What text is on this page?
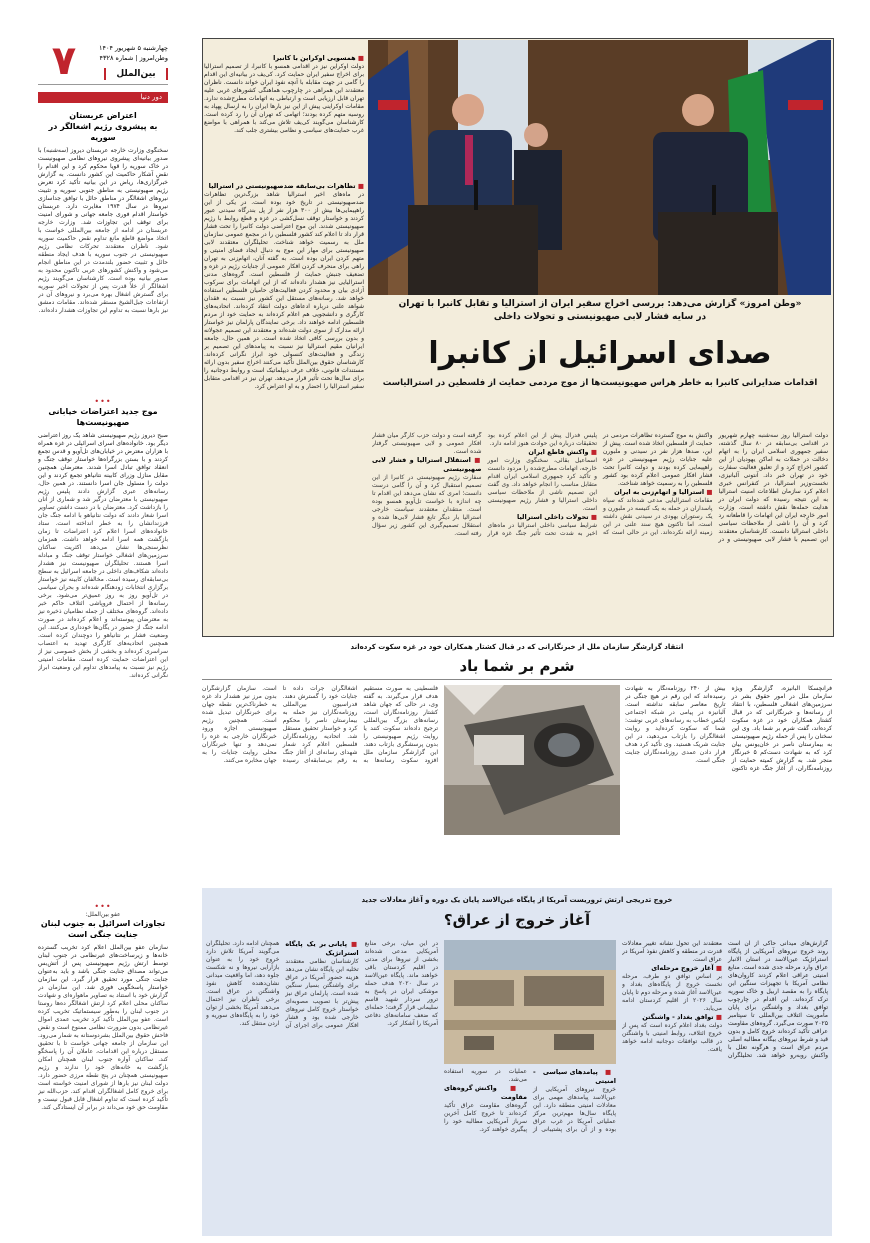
۷	چهارشنبه ۵ شهریور ۱۴۰۴
وطن‌امروز | شماره ۴۳۲۸
بین‌الملل
دور دنیا
اعتراض عربستان
به پیشروی رژیم اشغالگر در سوریه
سخنگوی وزارت خارجه عربستان دیروز (سه‌شنبه) با صدور بیانیه‌ای پیشروی نیروهای نظامی صهیونیست در خاک سوریه را قویا محکوم کرد و این اقدام را نقض آشکار حاکمیت این کشور دانست. به گزارش خبرگزاری‌ها، ریاض در این بیانیه تأکید کرد تعرض رژیم صهیونیستی به مناطق جنوبی سوریه و تثبیت نیروهای اشغالگر در مناطق حائل با توافق جداسازی نیروها در سال ۱۹۷۴ مغایرت دارد. عربستان خواستار اقدام فوری جامعه جهانی و شورای امنیت برای توقف این تجاوزات شد. وزارت خارجه عربستان در ادامه از جامعه بین‌المللی خواست با اتخاذ مواضع قاطع مانع تداوم نقض حاکمیت سوریه شود. ناظران معتقدند تحرکات نظامی رژیم صهیونیستی در جنوب سوریه با هدف ایجاد منطقه حائل و تثبیت حضور بلندمدت در این مناطق انجام می‌شود و واکنش کشورهای عربی تاکنون محدود به صدور بیانیه بوده است. کارشناسان می‌گویند رژیم اشغالگر از خلأ قدرت پس از تحولات اخیر سوریه برای گسترش اشغال بهره می‌برد و نیروهای آن در ارتفاعات جبل‌الشیخ مستقر شده‌اند. مقامات دمشق نیز بارها نسبت به تداوم این تجاوزات هشدار داده‌اند.
•••
موج جدید اعتراضات خیابانی
صهیونیست‌ها
صبح دیروز رژیم صهیونیستی شاهد یک روز اعتراضی دیگر بود. خانواده‌های اسرای اسرائیلی در غزه همراه با هزاران معترض در خیابان‌های تل‌آویو و قدس تجمع کردند و با بستن بزرگراه‌ها خواستار توقف جنگ و انعقاد توافق تبادل اسرا شدند. معترضان همچنین مقابل منازل وزرای کابینه نتانیاهو تجمع کردند و این دولت را مسئول جان اسرا دانستند. در همین حال، رسانه‌های عبری گزارش دادند پلیس رژیم صهیونیستی با معترضان درگیر شد و شماری از آنان را بازداشت کرد. معترضان با در دست داشتن تصاویر اسرا شعار دادند که دولت نتانیاهو با ادامه جنگ جان فرزندانشان را به خطر انداخته است. ستاد خانواده‌های اسرا اعلام کرد اعتراضات تا زمان بازگشت همه اسرا ادامه خواهد داشت. همزمان نظرسنجی‌ها نشان می‌دهد اکثریت ساکنان سرزمین‌های اشغالی خواستار توقف جنگ و مبادله اسرا هستند. تحلیلگران صهیونیست نیز هشدار داده‌اند شکاف‌های داخلی در جامعه اسرائیل به سطح بی‌سابقه‌ای رسیده است. مخالفان کابینه نیز خواستار برگزاری انتخابات زودهنگام شده‌اند و بحران سیاسی در تل‌آویو روز به روز عمیق‌تر می‌شود. برخی رسانه‌ها از احتمال فروپاشی ائتلاف حاکم خبر داده‌اند. گروه‌های مختلف از جمله نظامیان ذخیره نیز به معترضان پیوسته‌اند و اعلام کرده‌اند در صورت ادامه جنگ از حضور در یگان‌ها خودداری می‌کنند. این وضعیت فشار بر نتانیاهو را دوچندان کرده است. همچنین اتحادیه‌های کارگری تهدید به اعتصاب سراسری کرده‌اند و بخشی از بخش خصوصی نیز از این اعتراضات حمایت کرده است. مقامات امنیتی رژیم نیز نسبت به پیامدهای تداوم این وضعیت ابراز نگرانی کرده‌اند.
•••
عفو بین‌الملل:
تجاوزات اسرائیل به جنوب لبنان
جنایت جنگی است
سازمان عفو بین‌الملل اعلام کرد تخریب گسترده خانه‌ها و زیرساخت‌های غیرنظامی در جنوب لبنان توسط ارتش رژیم صهیونیستی پس از آتش‌بس می‌تواند مصداق جنایت جنگی باشد و باید به‌عنوان جنایت جنگی مورد تحقیق قرار گیرد. این سازمان خواستار پاسخگویی فوری شد. این سازمان در گزارش خود با استناد به تصاویر ماهواره‌ای و شهادت ساکنان محلی اعلام کرد ارتش اشغالگر ده‌ها روستا در جنوب لبنان را به‌طور سیستماتیک تخریب کرده است. عفو بین‌الملل تأکید کرد تخریب عمدی اموال غیرنظامی بدون ضرورت نظامی ممنوع است و نقض فاحش حقوق بین‌الملل بشردوستانه به شمار می‌رود. این سازمان از جامعه جهانی خواست تا با تحقیق مستقل درباره این اقدامات، عاملان آن را پاسخگو کند. ساکنان آواره جنوب لبنان همچنان امکان بازگشت به خانه‌های خود را ندارند و رژیم صهیونیستی همچنان در پنج نقطه مرزی حضور دارد. دولت لبنان نیز بارها از شورای امنیت خواسته است برای خروج کامل اشغالگران اقدام کند. حزب‌الله نیز تأکید کرده است که تداوم اشغال قابل قبول نیست و مقاومت حق خود می‌داند در برابر آن ایستادگی کند.
■ همسویی اوکراین با کانبرا
دولت اوکراین نیز در اقدامی همسو با کانبرا، از تصمیم استرالیا برای اخراج سفیر ایران حمایت کرد. کی‌یف در بیانیه‌ای این اقدام را گامی در جهت مقابله با آنچه نفوذ ایران خواند دانست. ناظران معتقدند این همراهی در چارچوب هماهنگی کشورهای غربی علیه تهران قابل ارزیابی است و ارتباطی به اتهامات مطرح‌شده ندارد. مقامات اوکراینی پیش از این نیز بارها ایران را به ارسال پهپاد به روسیه متهم کرده بودند؛ اتهامی که تهران آن را رد کرده است. کارشناسان می‌گویند کی‌یف تلاش می‌کند با همراهی با مواضع غرب حمایت‌های سیاسی و نظامی بیشتری جلب کند.
■ تظاهرات بی‌سابقه ضدصهیونیستی در استرالیا
در ماه‌های اخیر استرالیا شاهد بزرگ‌ترین تظاهرات ضدصهیونیستی در تاریخ خود بوده است. در یکی از این راهپیمایی‌ها بیش از ۳۰۰ هزار نفر از پل بندرگاه سیدنی عبور کردند و خواستار توقف نسل‌کشی در غزه و قطع روابط با رژیم صهیونیستی شدند. این موج اعتراضی دولت کانبرا را تحت فشار قرار داد تا اعلام کند کشور فلسطین را در مجمع عمومی سازمان ملل به رسمیت خواهد شناخت. تحلیلگران معتقدند لابی صهیونیستی برای مهار این موج به دنبال ایجاد فضای امنیتی و متهم کردن ایران بوده است. به گفته آنان، اتهام‌زنی به تهران راهی برای منحرف کردن افکار عمومی از جنایات رژیم در غزه و تضعیف جنبش حمایت از فلسطین است. گروه‌های مدنی استرالیایی نیز هشدار داده‌اند که از این اتهامات برای سرکوب آزادی بیان و محدود کردن فعالیت‌های حامیان فلسطین استفاده خواهد شد. رسانه‌های مستقل این کشور نیز نسبت به فقدان شواهد علنی درباره ادعاهای دولت انتقاد کرده‌اند. اتحادیه‌های کارگری و دانشجویی هم اعلام کرده‌اند به حمایت خود از مردم فلسطین ادامه خواهند داد. برخی نمایندگان پارلمان نیز خواستار ارائه مدارک از سوی دولت شده‌اند و معتقدند این تصمیم عجولانه و بدون بررسی کافی اتخاذ شده است. در همین حال، جامعه ایرانیان مقیم استرالیا نیز نسبت به پیامدهای این تصمیم بر زندگی و فعالیت‌های کنسولی خود ابراز نگرانی کرده‌اند. کارشناسان حقوق بین‌الملل تأکید می‌کنند اخراج سفیر بدون ارائه مستندات قانونی، خلاف عرف دیپلماتیک است و روابط دوجانبه را برای سال‌ها تحت تأثیر قرار می‌دهد. تهران نیز در اقدامی متقابل سفیر استرالیا را احضار و به او اعتراض کرد.
«وطن امروز» گزارش می‌دهد: بررسی اخراج سفیر ایران از استرالیا و تقابل کانبرا با تهران
در سایه فشار لابی صهیونیستی و تحولات داخلی
صدای اسرائیل از کانبرا
اقدامات ضدایرانی کانبرا به خاطر هراس صهیونیست‌ها از موج مردمی حمایت از فلسطین در استرالیاست
دولت استرالیا روز سه‌شنبه چهارم شهریور در اقدامی بی‌سابقه در ۸۰ سال گذشته، سفیر جمهوری اسلامی ایران را به اتهام دخالت در حملات به اماکن یهودیان از این کشور اخراج کرد و از تعلیق فعالیت سفارت خود در تهران خبر داد. آنتونی آلبانیزی، نخست‌وزیر استرالیا، در کنفرانس خبری اعلام کرد سازمان اطلاعات امنیت استرالیا به این نتیجه رسیده که دولت ایران در هدایت حمله‌ها نقش داشته است. وزارت امور خارجه ایران این اتهامات را قاطعانه رد کرد و آن را ناشی از ملاحظات سیاسی داخلی استرالیا دانست. کارشناسان معتقدند این تصمیم با فشار لابی صهیونیستی و در واکنش به موج گسترده تظاهرات مردمی در حمایت از فلسطین اتخاذ شده است. پیش از این، صدها هزار نفر در سیدنی و ملبورن علیه جنایات رژیم صهیونیستی در غزه راهپیمایی کرده بودند و دولت کانبرا تحت فشار افکار عمومی اعلام کرده بود کشور فلسطین را به رسمیت خواهد شناخت.
■ استرالیا و اتهام‌زنی به ایران
مقامات استرالیایی مدعی شده‌اند که سپاه پاسداران در حمله به یک کنیسه در ملبورن و یک رستوران یهودی در سیدنی نقش داشته است، اما تاکنون هیچ سند علنی در این زمینه ارائه نکرده‌اند. این در حالی است که پلیس فدرال پیش از این اعلام کرده بود تحقیقات درباره این حوادث هنوز ادامه دارد.
■ واکنش قاطع ایران
اسماعیل بقائی، سخنگوی وزارت امور خارجه، اتهامات مطرح‌شده را مردود دانست و تأکید کرد جمهوری اسلامی ایران اقدام متقابل مناسب را انجام خواهد داد. وی گفت این تصمیم ناشی از ملاحظات سیاسی داخلی استرالیا و فشار رژیم صهیونیستی است.
■ تحولات داخلی استرالیا
شرایط سیاسی داخلی استرالیا در ماه‌های اخیر به شدت تحت تأثیر جنگ غزه قرار گرفته است و دولت حزب کارگر میان فشار افکار عمومی و لابی صهیونیستی گرفتار شده است.
■ استقلال استرالیا و فشار لابی صهیونیستی
سفارت رژیم صهیونیستی در کانبرا از این تصمیم استقبال کرد و آن را گامی درست دانست؛ امری که نشان می‌دهد این اقدام تا چه اندازه با خواست تل‌آویو همسو بوده است. منتقدان معتقدند سیاست خارجی استرالیا بار دیگر تابع فشار لابی‌ها شده و استقلال تصمیم‌گیری این کشور زیر سؤال رفته است.
انتقاد گزارشگر سازمان ملل از خبرنگارانی که در قبال کشتار همکاران خود در غزه سکوت کرده‌اند
شرم بر شما باد
فرانچسکا آلبانیزه، گزارشگر ویژه سازمان ملل در امور حقوق بشر در سرزمین‌های اشغالی فلسطین، با انتقاد از رسانه‌ها و خبرنگارانی که در قبال کشتار همکاران خود در غزه سکوت کرده‌اند، گفت شرم بر شما باد. وی این سخنان را پس از حمله رژیم صهیونیستی به بیمارستان ناصر در خان‌یونس بیان کرد که به شهادت دست‌کم ۵ خبرنگار منجر شد. به گزارش کمیته حمایت از روزنامه‌نگاران، از آغاز جنگ غزه تاکنون بیش از ۲۴۰ روزنامه‌نگار به شهادت رسیده‌اند که این رقم در هیچ جنگی در تاریخ معاصر سابقه نداشته است. آلبانیزه در پیامی در شبکه اجتماعی ایکس خطاب به رسانه‌های غربی نوشت: شما که سکوت کرده‌اید و روایت اشغالگران را بازتاب می‌دهید، در این جنایت شریک هستید. وی تأکید کرد هدف قرار دادن عمدی روزنامه‌نگاران جنایت جنگی است.
فلسطینی به صورت مستقیم هدف قرار می‌گیرند. به گفته وی، در حالی که جهان شاهد کشتار روزنامه‌نگاران است، رسانه‌های بزرگ بین‌المللی ترجیح داده‌اند سکوت کنند یا روایت رژیم صهیونیستی را بدون پرسشگری بازتاب دهند. این گزارشگر سازمان ملل افزود سکوت رسانه‌ها به اشغالگران جرأت داده تا جنایات خود را گسترش دهند. فدراسیون بین‌المللی روزنامه‌نگاران نیز حمله به بیمارستان ناصر را محکوم کرد و خواستار تحقیق مستقل شد. اتحادیه روزنامه‌نگاران فلسطین اعلام کرد شمار شهدای رسانه‌ای از آغاز جنگ به رقم بی‌سابقه‌ای رسیده است. سازمان گزارشگران بدون مرز نیز هشدار داد غزه به خطرناک‌ترین نقطه جهان برای خبرنگاران تبدیل شده است. همچنین رژیم صهیونیستی اجازه ورود خبرنگاران خارجی به غزه را نمی‌دهد و تنها خبرنگاران محلی روایت جنایات را به جهان مخابره می‌کنند.
خروج تدریجی ارتش تروریست آمریکا از پایگاه عین‌الاسد پایان یک دوره و آغاز معادلات جدید
آغاز خروج از عراق؟
گزارش‌های میدانی حاکی از آن است روند خروج نیروهای آمریکایی از پایگاه استراتژیک عین‌الاسد در استان الانبار عراق وارد مرحله جدی شده است. منابع امنیتی عراقی اعلام کردند کاروان‌های نظامی آمریکا با تجهیزات سنگین این پایگاه را به مقصد اربیل و خاک سوریه ترک کرده‌اند. این اقدام در چارچوب توافق بغداد و واشنگتن برای پایان مأموریت ائتلاف بین‌المللی تا سپتامبر ۲۰۲۵ صورت می‌گیرد. گروه‌های مقاومت عراقی تأکید کرده‌اند خروج کامل و بدون قید و شرط نیروهای بیگانه مطالبه اصلی مردم عراق است و هرگونه تعلل با واکنش روبه‌رو خواهد شد. تحلیلگران معتقدند این تحول نشانه تغییر معادلات قدرت در منطقه و کاهش نفوذ آمریکا در عراق است.
■ آغاز خروج مرحله‌ای
بر اساس توافق دو طرف، مرحله نخست خروج از پایگاه‌های بغداد و عین‌الاسد آغاز شده و مرحله دوم تا پایان سال ۲۰۲۶ از اقلیم کردستان ادامه می‌یابد.
■ توافق بغداد - واشنگتن
دولت بغداد اعلام کرده است که پس از خروج ائتلاف، روابط امنیتی با واشنگتن در قالب توافقات دوجانبه ادامه خواهد یافت.
■ پیامدهای سیاسی - امنیتی
خروج نیروهای آمریکایی از عین‌الاسد پیامدهای مهمی برای معادلات امنیتی منطقه دارد. این پایگاه سال‌ها مهم‌ترین مرکز عملیاتی آمریکا در غرب عراق بوده و از آن برای پشتیبانی از عملیات در سوریه استفاده می‌شد.
■ واکنش گروه‌های مقاومت
گروه‌های مقاومت عراق تأکید کرده‌اند تا خروج کامل آخرین سرباز آمریکایی مطالبه خود را پیگیری خواهند کرد.
در این میان، برخی منابع آمریکایی مدعی شده‌اند بخشی از نیروها برای مدتی در اقلیم کردستان باقی خواهند ماند. پایگاه عین‌الاسد در سال ۲۰۲۰ هدف حمله موشکی ایران در پاسخ به ترور سردار شهید قاسم سلیمانی قرار گرفت؛ حمله‌ای که ضعف سامانه‌های دفاعی آمریکا را آشکار کرد.
■ پایانی بر یک پایگاه استراتژیک
کارشناسان نظامی معتقدند تخلیه این پایگاه نشان می‌دهد هزینه حضور آمریکا در عراق برای واشنگتن بسیار سنگین شده است. پارلمان عراق نیز پیش‌تر با تصویب مصوبه‌ای خواستار خروج کامل نیروهای خارجی شده بود و فشار افکار عمومی برای اجرای آن همچنان ادامه دارد. تحلیلگران می‌گویند آمریکا تلاش دارد خروج خود را به عنوان بازآرایی نیروها و نه شکست جلوه دهد، اما واقعیت میدانی نشان‌دهنده کاهش نفوذ واشنگتن در عراق است. برخی ناظران نیز احتمال می‌دهند آمریکا بخشی از توان خود را به پایگاه‌های سوریه و اردن منتقل کند.
